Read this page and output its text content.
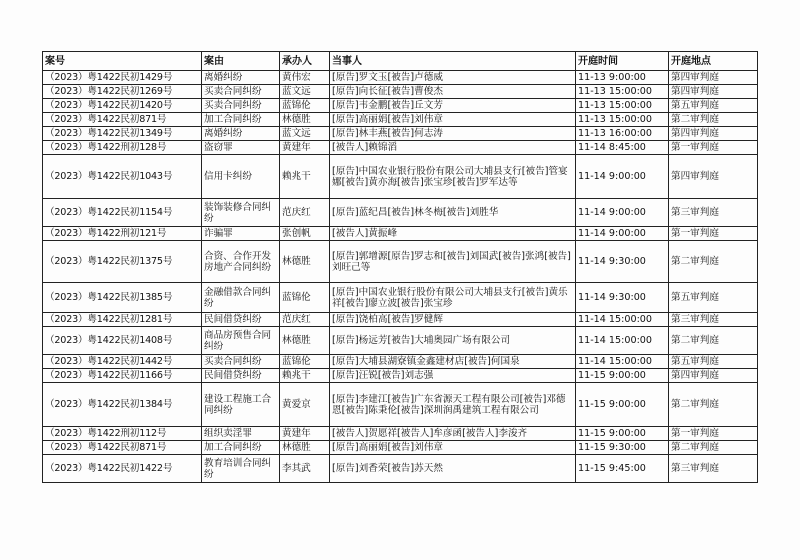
案号	案由	承办人	当事人	开庭时间	开庭地点
（2023）粤1422民初1429号	离婚纠纷	黄伟宏	[原告]罗文玉[被告]卢德威	11-13 9:00:00	第四审判庭
（2023）粤1422民初1269号	买卖合同纠纷	蓝文远	[原告]向长征[被告]曹俊杰	11-13 15:00:00	第四审判庭
（2023）粤1422民初1420号	买卖合同纠纷	蓝锦伦	[原告]韦金鹏[被告]丘文芳	11-13 15:00:00	第五审判庭
（2023）粤1422民初871号	加工合同纠纷	林德胜	[原告]高丽娟[被告]刘伟章	11-13 15:00:00	第二审判庭
（2023）粤1422民初1349号	离婚纠纷	蓝文远	[原告]林丰燕[被告]何志涛	11-13 16:00:00	第四审判庭
（2023）粤1422刑初128号	盗窃罪	黄建年	[被告人]赖锦滔	11-14 8:45:00	第一审判庭
（2023）粤1422民初1043号	信用卡纠纷	赖兆干	[原告]中国农业银行股份有限公司大埔县支行[被告]管宴娜[被告]黄亦海[被告]张宝珍[被告]罗军达等	11-14 9:00:00	第四审判庭
（2023）粤1422民初1154号	装饰装修合同纠纷	范庆红	[原告]蓝纪昌[被告]林冬梅[被告]刘胜华	11-14 9:00:00	第三审判庭
（2023）粤1422刑初121号	诈骗罪	张创帆	[被告人]黄振峰	11-14 9:00:00	第一审判庭
（2023）粤1422民初1375号	合资、合作开发房地产合同纠纷	林德胜	[原告]郭增源[原告]罗志和[被告]刘国武[被告]张鸿[被告]刘旺己等	11-14 9:30:00	第二审判庭
（2023）粤1422民初1385号	金融借款合同纠纷	蓝锦伦	[原告]中国农业银行股份有限公司大埔县支行[被告]黄乐祥[被告]廖立波[被告]张宝珍	11-14 9:30:00	第五审判庭
（2023）粤1422民初1281号	民间借贷纠纷	范庆红	[原告]饶柏高[被告]罗健辉	11-14 15:00:00	第三审判庭
（2023）粤1422民初1408号	商品房预售合同纠纷	林德胜	[原告]杨远芳[被告]大埔奥园广场有限公司	11-14 15:00:00	第二审判庭
（2023）粤1422民初1442号	买卖合同纠纷	蓝锦伦	[原告]大埔县湖寮镇金鑫建材店[被告]何国泉	11-14 15:00:00	第五审判庭
（2023）粤1422民初1166号	民间借贷纠纷	赖兆干	[原告]汪锐[被告]刘志强	11-15 9:00:00	第四审判庭
（2023）粤1422民初1384号	建设工程施工合同纠纷	黄爱京	[原告]李建江[被告]广东省源天工程有限公司[被告]邓德恩[被告]陈秉伦[被告]深圳润禹建筑工程有限公司	11-15 9:00:00	第二审判庭
（2023）粤1422刑初112号	组织卖淫罪	黄建年	[被告人]贺愿祥[被告人]牟彦函[被告人]李浚齐	11-15 9:00:00	第一审判庭
（2023）粤1422民初871号	加工合同纠纷	林德胜	[原告]高丽娟[被告]刘伟章	11-15 9:30:00	第二审判庭
（2023）粤1422民初1422号	教育培训合同纠纷	李其武	[原告]刘香荣[被告]苏天然	11-15 9:45:00	第三审判庭
